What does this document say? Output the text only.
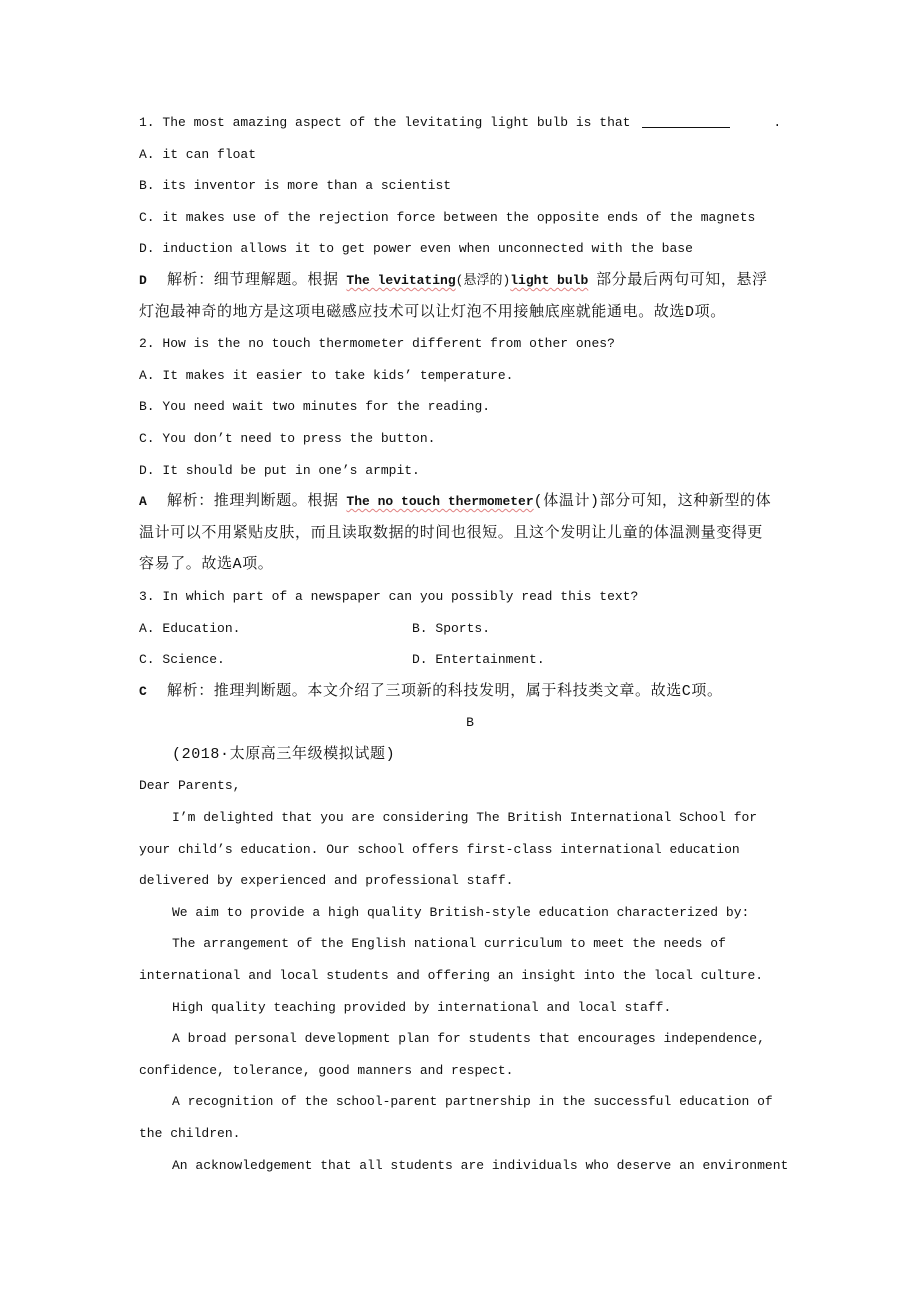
1. The most amazing aspect of the levitating light bulb is that	.
A. it can float
B. its inventor is more than a scientist
C. it makes use of the rejection force between the opposite ends of the magnets
D. induction allows it to get power even when unconnected with the base
D 解析：细节理解题。根据 The levitating(悬浮的)light bulb 部分最后两句可知，悬浮
灯泡最神奇的地方是这项电磁感应技术可以让灯泡不用接触底座就能通电。故选D项。
2. How is the no touch thermometer different from other ones?
A. It makes it easier to take kids’ temperature.
B. You need wait two minutes for the reading.
C. You don’t need to press the button.
D. It should be put in one’s armpit.
A 解析：推理判断题。根据 The no touch thermometer(体温计)部分可知，这种新型的体
温计可以不用紧贴皮肤，而且读取数据的时间也很短。且这个发明让儿童的体温测量变得更
容易了。故选A项。
3. In which part of a newspaper can you possibly read this text?
A. Education.	B. Sports.
C. Science.	D. Entertainment.
C 解析：推理判断题。本文介绍了三项新的科技发明，属于科技类文章。故选C项。
B
(2018·太原高三年级模拟试题)
Dear Parents,
I’m delighted that you are considering The British International School for
your child’s education. Our school offers first-class international education
delivered by experienced and professional staff.
We aim to provide a high quality British-style education characterized by:
The arrangement of the English national curriculum to meet the needs of
international and local students and offering an insight into the local culture.
High quality teaching provided by international and local staff.
A broad personal development plan for students that encourages independence,
confidence, tolerance, good manners and respect.
A recognition of the school-parent partnership in the successful education of
the children.
An acknowledgement that all students are individuals who deserve an environment
